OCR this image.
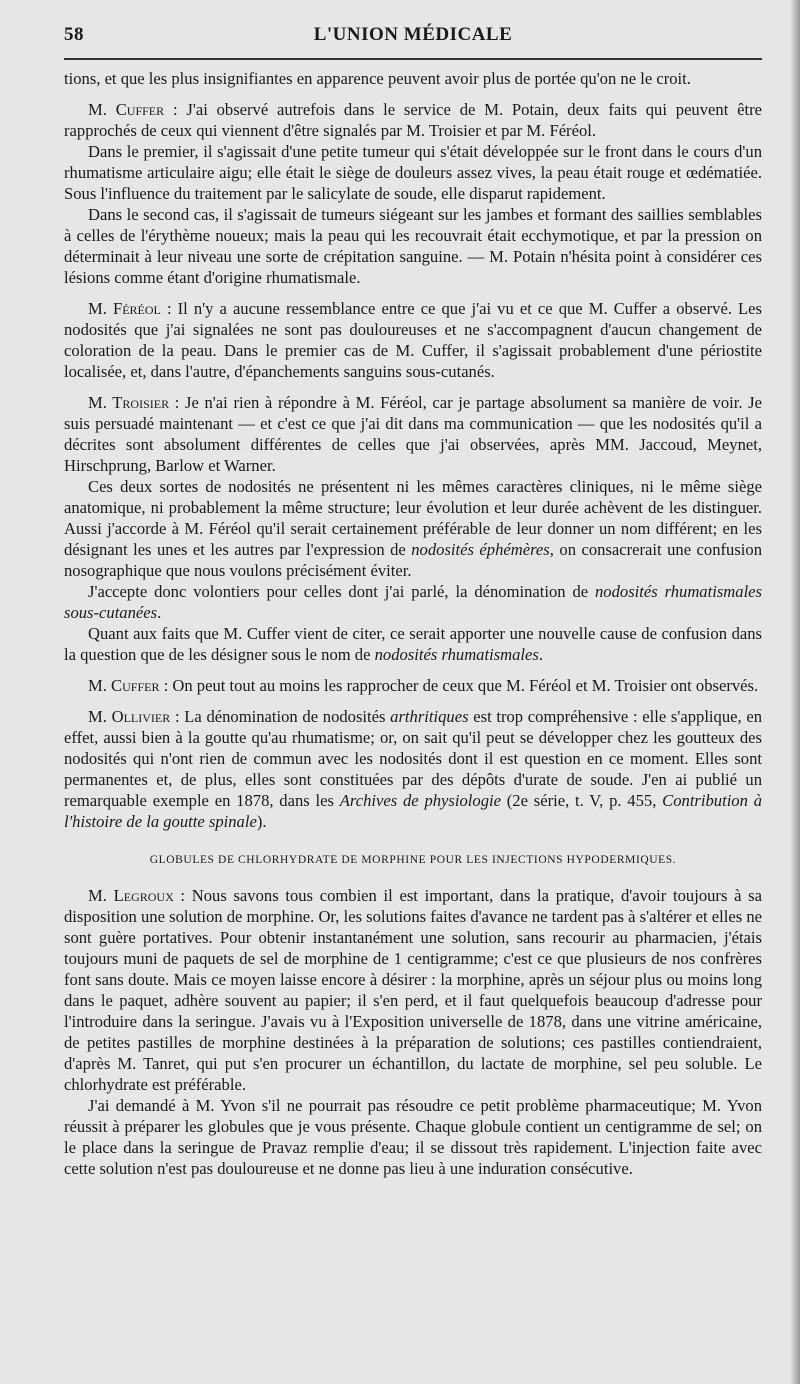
58	L'UNION MÉDICALE

tions, et que les plus insignifiantes en apparence peuvent avoir plus de portée qu'on ne le croit.

M. Cuffer : J'ai observé autrefois dans le service de M. Potain, deux faits qui peuvent être rapprochés de ceux qui viennent d'être signalés par M. Troisier et par M. Féréol.

Dans le premier, il s'agissait d'une petite tumeur qui s'était développée sur le front dans le cours d'un rhumatisme articulaire aigu; elle était le siège de douleurs assez vives, la peau était rouge et œdématiée. Sous l'influence du traitement par le salicylate de soude, elle disparut rapidement.

Dans le second cas, il s'agissait de tumeurs siégeant sur les jambes et formant des saillies semblables à celles de l'érythème noueux; mais la peau qui les recouvrait était ecchymotique, et par la pression on déterminait à leur niveau une sorte de crépitation sanguine. — M. Potain n'hésita point à considérer ces lésions comme étant d'origine rhumatismale.

M. Féréol : Il n'y a aucune ressemblance entre ce que j'ai vu et ce que M. Cuffer a observé. Les nodosités que j'ai signalées ne sont pas douloureuses et ne s'accompagnent d'aucun changement de coloration de la peau. Dans le premier cas de M. Cuffer, il s'agissait probablement d'une périostite localisée, et, dans l'autre, d'épanchements sanguins sous-cutanés.

M. Troisier : Je n'ai rien à répondre à M. Féréol, car je partage absolument sa manière de voir. Je suis persuadé maintenant — et c'est ce que j'ai dit dans ma communication — que les nodosités qu'il a décrites sont absolument différentes de celles que j'ai observées, après MM. Jaccoud, Meynet, Hirschprung, Barlow et Warner.

Ces deux sortes de nodosités ne présentent ni les mêmes caractères cliniques, ni le même siège anatomique, ni probablement la même structure; leur évolution et leur durée achèvent de les distinguer. Aussi j'accorde à M. Féréol qu'il serait certainement préférable de leur donner un nom différent; en les désignant les unes et les autres par l'expression de nodosités éphémères, on consacrerait une confusion nosographique que nous voulons précisément éviter.

J'accepte donc volontiers pour celles dont j'ai parlé, la dénomination de nodosités rhumatismales sous-cutanées.

Quant aux faits que M. Cuffer vient de citer, ce serait apporter une nouvelle cause de confusion dans la question que de les désigner sous le nom de nodosités rhumatismales.

M. Cuffer : On peut tout au moins les rapprocher de ceux que M. Féréol et M. Troisier ont observés.

M. Ollivier : La dénomination de nodosités arthritiques est trop compréhensive : elle s'applique, en effet, aussi bien à la goutte qu'au rhumatisme; or, on sait qu'il peut se développer chez les goutteux des nodosités qui n'ont rien de commun avec les nodosités dont il est question en ce moment. Elles sont permanentes et, de plus, elles sont constituées par des dépôts d'urate de soude. J'en ai publié un remarquable exemple en 1878, dans les Archives de physiologie (2e série, t. V, p. 455, Contribution à l'histoire de la goutte spinale).

GLOBULES DE CHLORHYDRATE DE MORPHINE POUR LES INJECTIONS HYPODERMIQUES.

M. Legroux : Nous savons tous combien il est important, dans la pratique, d'avoir toujours à sa disposition une solution de morphine. Or, les solutions faites d'avance ne tardent pas à s'altérer et elles ne sont guère portatives. Pour obtenir instantanément une solution, sans recourir au pharmacien, j'étais toujours muni de paquets de sel de morphine de 1 centigramme; c'est ce que plusieurs de nos confrères font sans doute. Mais ce moyen laisse encore à désirer : la morphine, après un séjour plus ou moins long dans le paquet, adhère souvent au papier; il s'en perd, et il faut quelquefois beaucoup d'adresse pour l'introduire dans la seringue. J'avais vu à l'Exposition universelle de 1878, dans une vitrine américaine, de petites pastilles de morphine destinées à la préparation de solutions; ces pastilles contiendraient, d'après M. Tanret, qui put s'en procurer un échantillon, du lactate de morphine, sel peu soluble. Le chlorhydrate est préférable.

J'ai demandé à M. Yvon s'il ne pourrait pas résoudre ce petit problème pharmaceutique; M. Yvon réussit à préparer les globules que je vous présente. Chaque globule contient un centigramme de sel; on le place dans la seringue de Pravaz remplie d'eau; il se dissout très rapidement. L'injection faite avec cette solution n'est pas douloureuse et ne donne pas lieu à une induration consécutive.
